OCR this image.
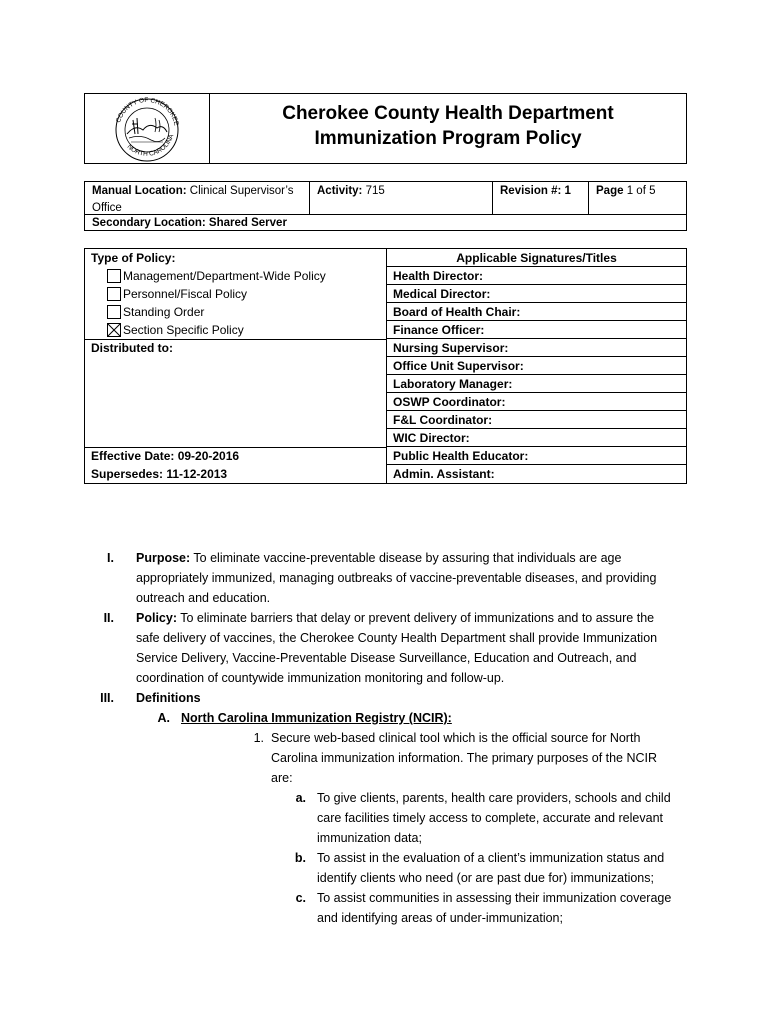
COUNTY OF CHEROKEE
NORTH CAROLINA
Cherokee County Health Department
Immunization Program Policy
Manual Location: Clinical Supervisor’s
Office
Activity: 715	Revision #: 1	Page 1 of 5
Secondary Location: Shared Server
Type of Policy:
Management/Department-Wide Policy
Personnel/Fiscal Policy
Standing Order
Section Specific Policy
Distributed to:
Effective Date: 09-20-2016
Supersedes: 11-12-2013
Applicable Signatures/Titles
Health Director:
Medical Director:
Board of Health Chair:
Finance Officer:
Nursing Supervisor:
Office Unit Supervisor:
Laboratory Manager:
OSWP Coordinator:
F&L Coordinator:
WIC Director:
Public Health Educator:
Admin. Assistant:
I. Purpose: To eliminate vaccine-preventable disease by assuring that individuals are age
appropriately immunized, managing outbreaks of vaccine-preventable diseases, and providing
outreach and education.
II. Policy: To eliminate barriers that delay or prevent delivery of immunizations and to assure the
safe delivery of vaccines, the Cherokee County Health Department shall provide Immunization
Service Delivery, Vaccine-Preventable Disease Surveillance, Education and Outreach, and
coordination of countywide immunization monitoring and follow-up.
III. Definitions
A. North Carolina Immunization Registry (NCIR):
1. Secure web-based clinical tool which is the official source for North
Carolina immunization information. The primary purposes of the NCIR
are:
a. To give clients, parents, health care providers, schools and child
care facilities timely access to complete, accurate and relevant
immunization data;
b. To assist in the evaluation of a client’s immunization status and
identify clients who need (or are past due for) immunizations;
c. To assist communities in assessing their immunization coverage
and identifying areas of under-immunization;
